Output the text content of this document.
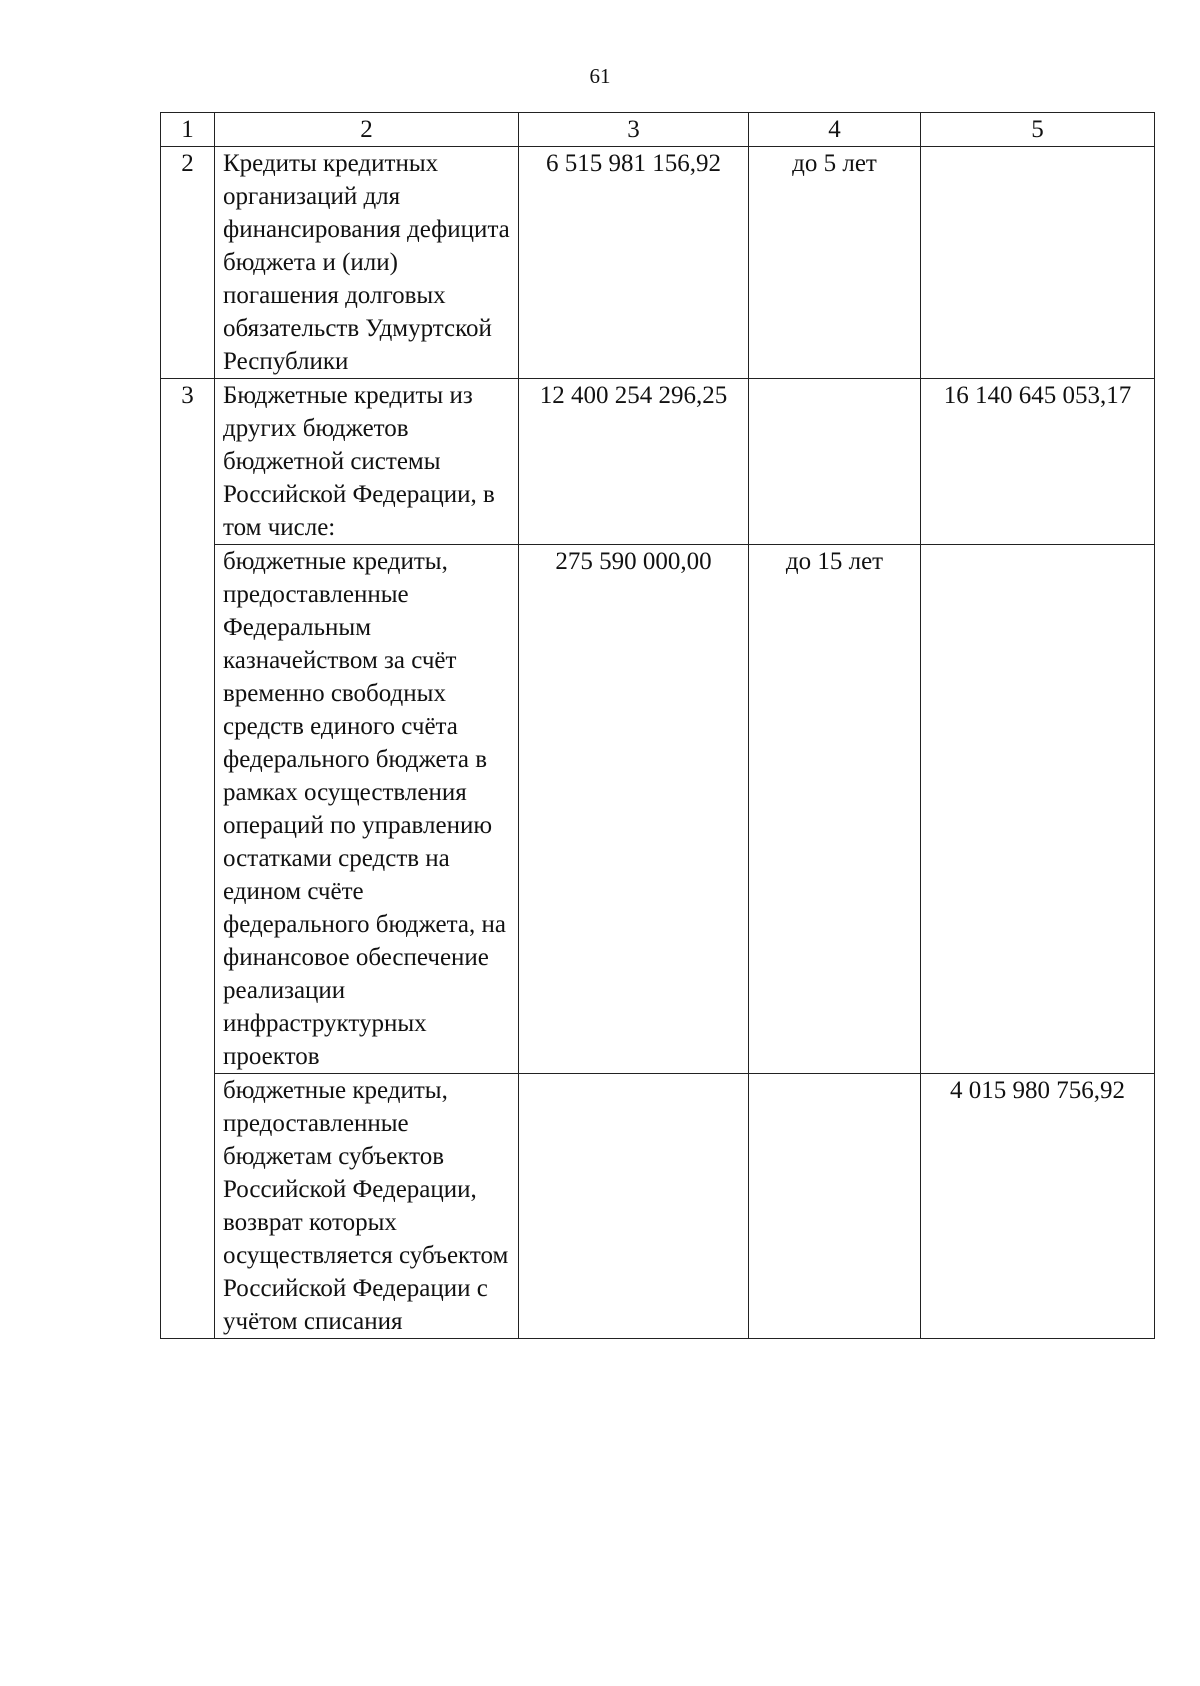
61
1	2	3	4	5
2	Кредиты кредитных организаций для финансирования дефицита бюджета и (или) погашения долговых обязательств Удмуртской Республики	6 515 981 156,92	до 5 лет	
3	Бюджетные кредиты из других бюджетов бюджетной системы Российской Федерации, в том числе:	12 400 254 296,25		16 140 645 053,17
	бюджетные кредиты, предоставленные Федеральным казначейством за счёт временно свободных средств единого счёта федерального бюджета в рамках осуществления операций по управлению остатками средств на едином счёте федерального бюджета, на финансовое обеспечение реализации инфраструктурных проектов	275 590 000,00	до 15 лет	
	бюджетные кредиты, предоставленные бюджетам субъектов Российской Федерации, возврат которых осуществляется субъектом Российской Федерации с учётом списания			4 015 980 756,92
